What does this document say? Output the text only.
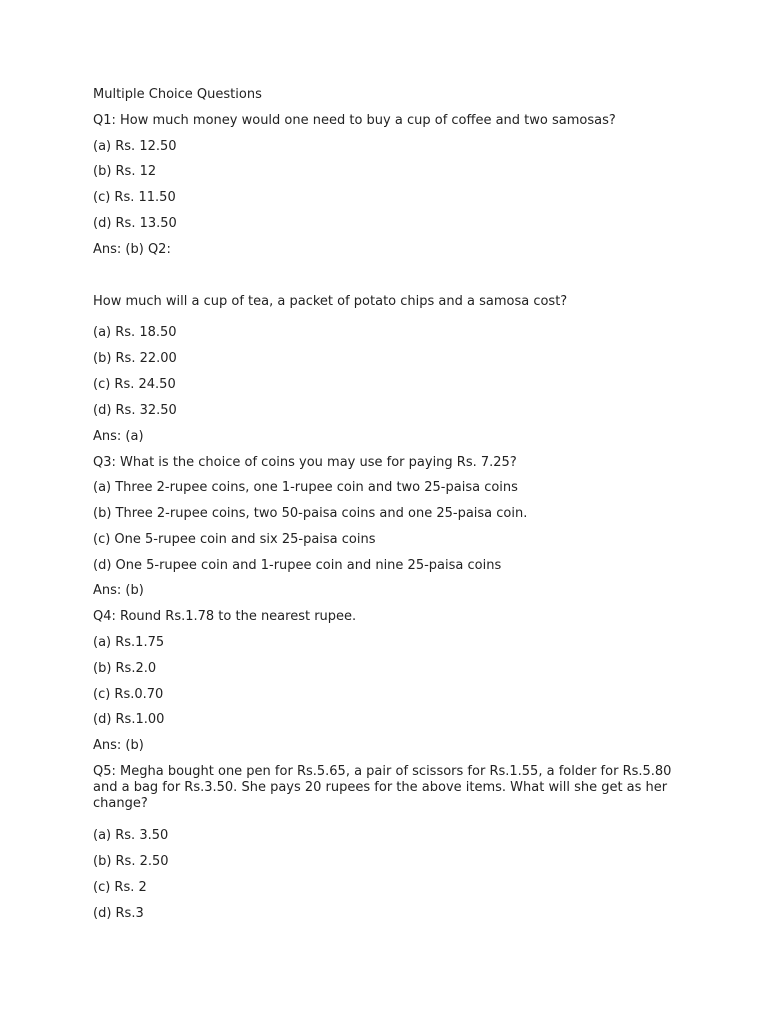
Multiple Choice Questions
Q1: How much money would one need to buy a cup of coffee and two samosas?
(a) Rs. 12.50
(b) Rs. 12
(c) Rs. 11.50
(d) Rs. 13.50
Ans: (b) Q2:
How much will a cup of tea, a packet of potato chips and a samosa cost?
(a) Rs. 18.50
(b) Rs. 22.00
(c) Rs. 24.50
(d) Rs. 32.50
Ans: (a)
Q3: What is the choice of coins you may use for paying Rs. 7.25?
(a) Three 2-rupee coins, one 1-rupee coin and two 25-paisa coins
(b) Three 2-rupee coins, two 50-paisa coins and one 25-paisa coin.
(c) One 5-rupee coin and six 25-paisa coins
(d) One 5-rupee coin and 1-rupee coin and nine 25-paisa coins
Ans: (b)
Q4: Round Rs.1.78 to the nearest rupee.
(a) Rs.1.75
(b) Rs.2.0
(c) Rs.0.70
(d) Rs.1.00
Ans: (b)
Q5: Megha bought one pen for Rs.5.65, a pair of scissors for Rs.1.55, a folder for Rs.5.80 and a bag for Rs.3.50. She pays 20 rupees for the above items. What will she get as her change?
(a) Rs. 3.50
(b) Rs. 2.50
(c) Rs. 2
(d) Rs.3
